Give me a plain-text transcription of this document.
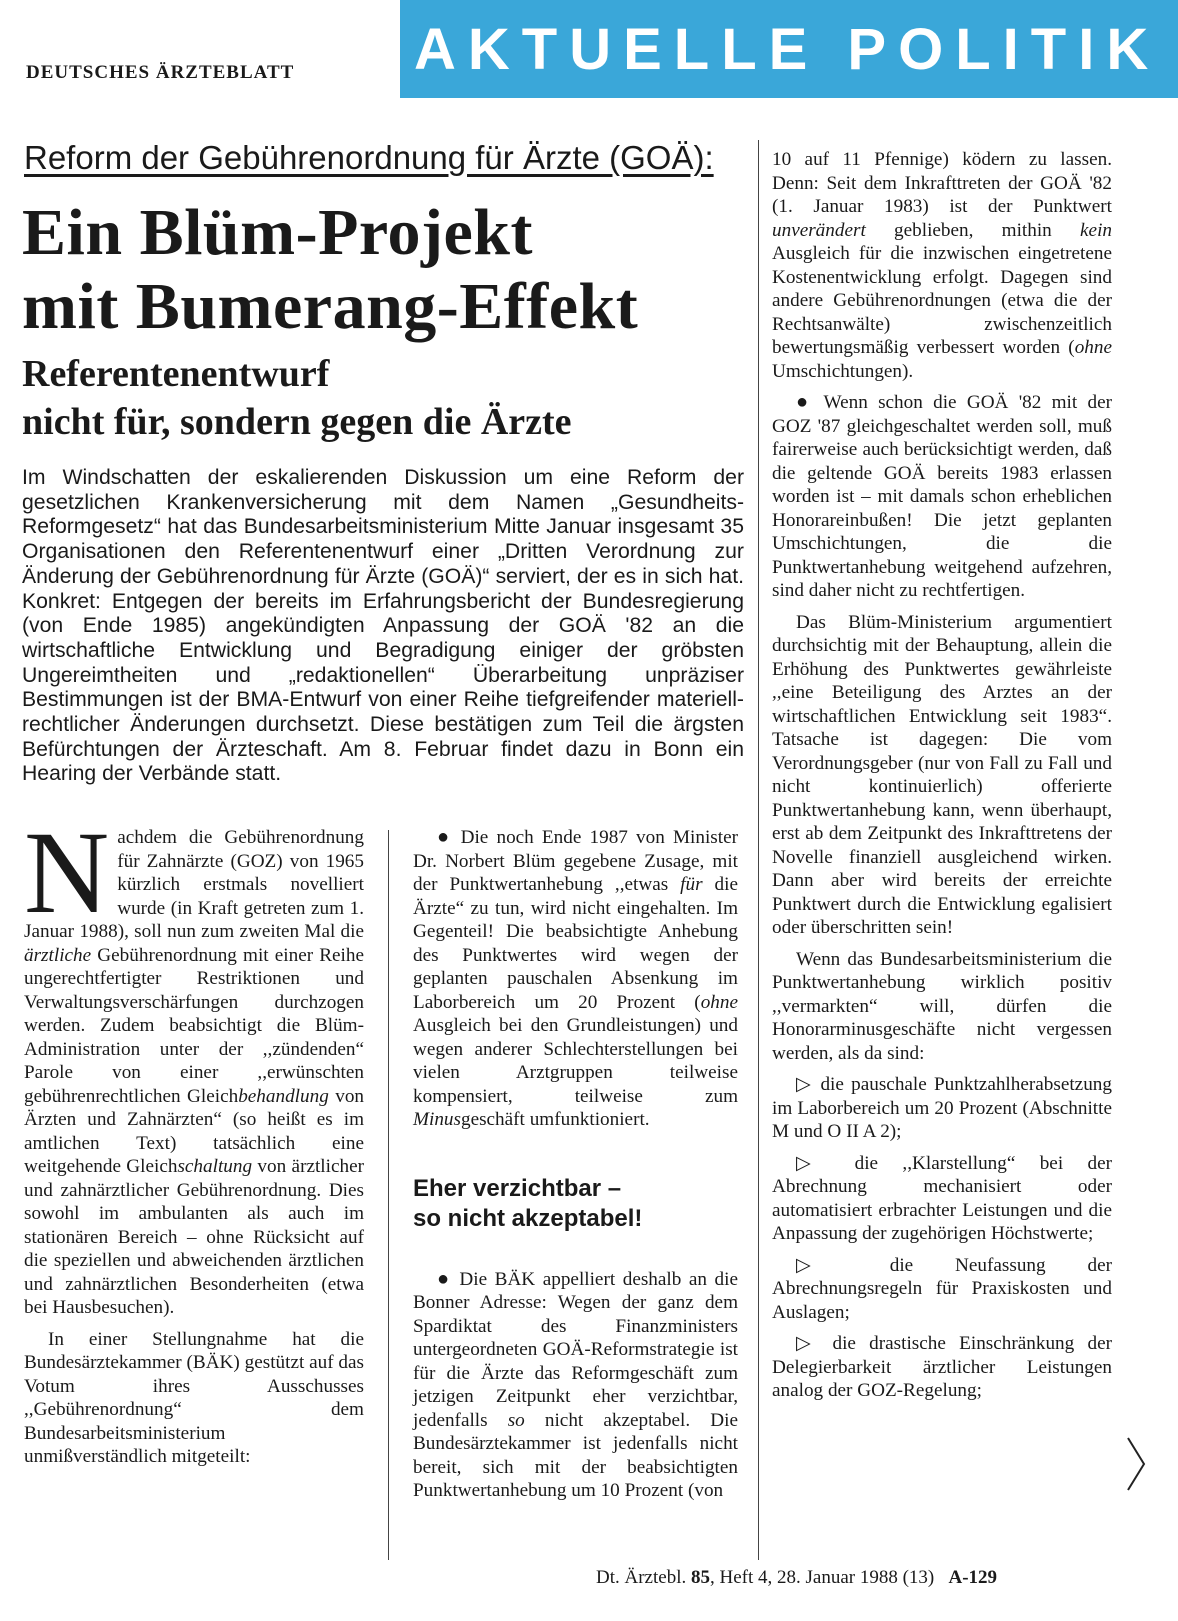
DEUTSCHES ÄRZTEBLATT AKTUELLE POLITIK
Reform der Gebührenordnung für Ärzte (GOÄ):
Ein Blüm-Projekt
mit Bumerang-Effekt
Referentenentwurf
nicht für, sondern gegen die Ärzte
Im Windschatten der eskalierenden Diskussion um eine Reform der gesetzlichen Krankenversicherung mit dem Namen „Gesundheits-Reformgesetz“ hat das Bundesarbeitsministerium Mitte Januar insgesamt 35 Organisationen den Referentenentwurf einer „Dritten Verordnung zur Änderung der Gebührenordnung für Ärzte (GOÄ)“ serviert, der es in sich hat. Konkret: Entgegen der bereits im Erfahrungsbericht der Bundesregierung (von Ende 1985) angekündigten Anpassung der GOÄ '82 an die wirtschaftliche Entwicklung und Begradigung einiger der gröbsten Ungereimtheiten und „redaktionellen“ Überarbeitung unpräziser Bestimmungen ist der BMA-Entwurf von einer Reihe tiefgreifender materiell-rechtlicher Änderungen durchsetzt. Diese bestätigen zum Teil die ärgsten Befürchtungen der Ärzteschaft. Am 8. Februar findet dazu in Bonn ein Hearing der Verbände statt.

Nachdem die Gebührenordnung für Zahnärzte (GOZ) von 1965 kürzlich erstmals novelliert wurde (in Kraft getreten zum 1. Januar 1988), soll nun zum zweiten Mal die ärztliche Gebührenordnung mit einer Reihe ungerechtfertigter Restriktionen und Verwaltungsverschärfungen durchzogen werden. Zudem beabsichtigt die Blüm-Administration unter der ,,zündenden“ Parole von einer ,,erwünschten gebührenrechtlichen Gleichbehandlung von Ärzten und Zahnärzten“ (so heißt es im amtlichen Text) tatsächlich eine weitgehende Gleichschaltung von ärztlicher und zahnärztlicher Gebührenordnung. Dies sowohl im ambulanten als auch im stationären Bereich – ohne Rücksicht auf die speziellen und abweichenden ärztlichen und zahnärztlichen Besonderheiten (etwa bei Hausbesuchen).

In einer Stellungnahme hat die Bundesärztekammer (BÄK) gestützt auf das Votum ihres Ausschusses ,,Gebührenordnung“ dem Bundesarbeitsministerium unmißverständlich mitgeteilt:

● Die noch Ende 1987 von Minister Dr. Norbert Blüm gegebene Zusage, mit der Punktwertanhebung ,,etwas für die Ärzte“ zu tun, wird nicht eingehalten. Im Gegenteil! Die beabsichtigte Anhebung des Punktwertes wird wegen der geplanten pauschalen Absenkung im Laborbereich um 20 Prozent (ohne Ausgleich bei den Grundleistungen) und wegen anderer Schlechterstellungen bei vielen Arztgruppen teilweise kompensiert, teilweise zum Minusgeschäft umfunktioniert.

Eher verzichtbar –
so nicht akzeptabel!

● Die BÄK appelliert deshalb an die Bonner Adresse: Wegen der ganz dem Spardiktat des Finanzministers untergeordneten GOÄ-Reformstrategie ist für die Ärzte das Reformgeschäft zum jetzigen Zeitpunkt eher verzichtbar, jedenfalls so nicht akzeptabel. Die Bundesärztekammer ist jedenfalls nicht bereit, sich mit der beabsichtigten Punktwertanhebung um 10 Prozent (von

10 auf 11 Pfennige) ködern zu lassen. Denn: Seit dem Inkrafttreten der GOÄ '82 (1. Januar 1983) ist der Punktwert unverändert geblieben, mithin kein Ausgleich für die inzwischen eingetretene Kostenentwicklung erfolgt. Dagegen sind andere Gebührenordnungen (etwa die der Rechtsanwälte) zwischenzeitlich bewertungsmäßig verbessert worden (ohne Umschichtungen).

● Wenn schon die GOÄ '82 mit der GOZ '87 gleichgeschaltet werden soll, muß fairerweise auch berücksichtigt werden, daß die geltende GOÄ bereits 1983 erlassen worden ist – mit damals schon erheblichen Honorareinbußen! Die jetzt geplanten Umschichtungen, die die Punktwertanhebung weitgehend aufzehren, sind daher nicht zu rechtfertigen.

Das Blüm-Ministerium argumentiert durchsichtig mit der Behauptung, allein die Erhöhung des Punktwertes gewährleiste ,,eine Beteiligung des Arztes an der wirtschaftlichen Entwicklung seit 1983“. Tatsache ist dagegen: Die vom Verordnungsgeber (nur von Fall zu Fall und nicht kontinuierlich) offerierte Punktwertanhebung kann, wenn überhaupt, erst ab dem Zeitpunkt des Inkrafttretens der Novelle finanziell ausgleichend wirken. Dann aber wird bereits der erreichte Punktwert durch die Entwicklung egalisiert oder überschritten sein!

Wenn das Bundesarbeitsministerium die Punktwertanhebung wirklich positiv ,,vermarkten“ will, dürfen die Honorarminusgeschäfte nicht vergessen werden, als da sind:

▷ die pauschale Punktzahlherabsetzung im Laborbereich um 20 Prozent (Abschnitte M und O II A 2);

▷ die ,,Klarstellung“ bei der Abrechnung mechanisiert oder automatisiert erbrachter Leistungen und die Anpassung der zugehörigen Höchstwerte;

▷ die Neufassung der Abrechnungsregeln für Praxiskosten und Auslagen;

▷ die drastische Einschränkung der Delegierbarkeit ärztlicher Leistungen analog der GOZ-Regelung;

Dt. Ärztebl. 85, Heft 4, 28. Januar 1988 (13) A-129
